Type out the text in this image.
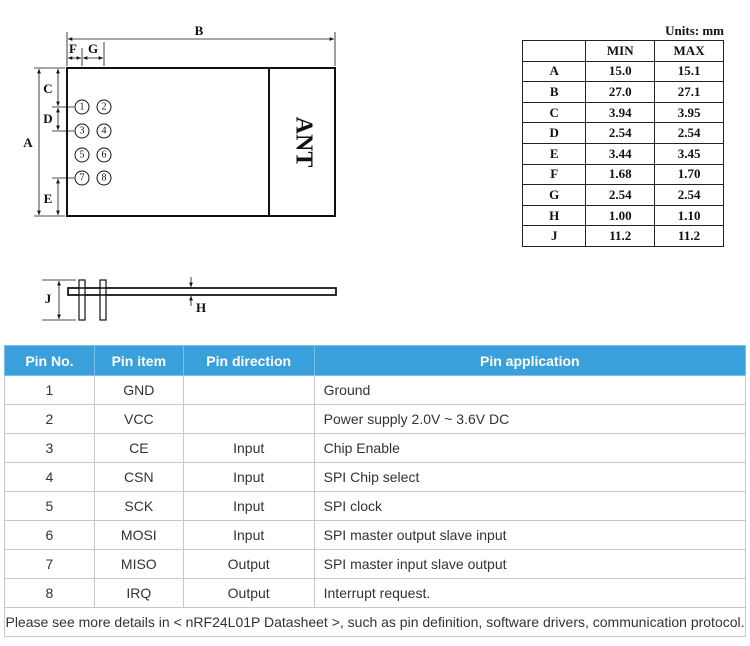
ANT
1 2
3 4
5 6
7 8
B
F G
A
C
D
E
J
H
Units: mm
	MIN	MAX
A	15.0	15.1
B	27.0	27.1
C	3.94	3.95
D	2.54	2.54
E	3.44	3.45
F	1.68	1.70
G	2.54	2.54
H	1.00	1.10
J	11.2	11.2
Pin No.	Pin item	Pin direction	Pin application
1	GND		Ground
2	VCC		Power supply 2.0V ~ 3.6V DC
3	CE	Input	Chip Enable
4	CSN	Input	SPI Chip select
5	SCK	Input	SPI clock
6	MOSI	Input	SPI master output slave input
7	MISO	Output	SPI master input slave output
8	IRQ	Output	Interrupt request.
Please see more details in < nRF24L01P Datasheet >, such as pin definition, software drivers, communication protocol.			
